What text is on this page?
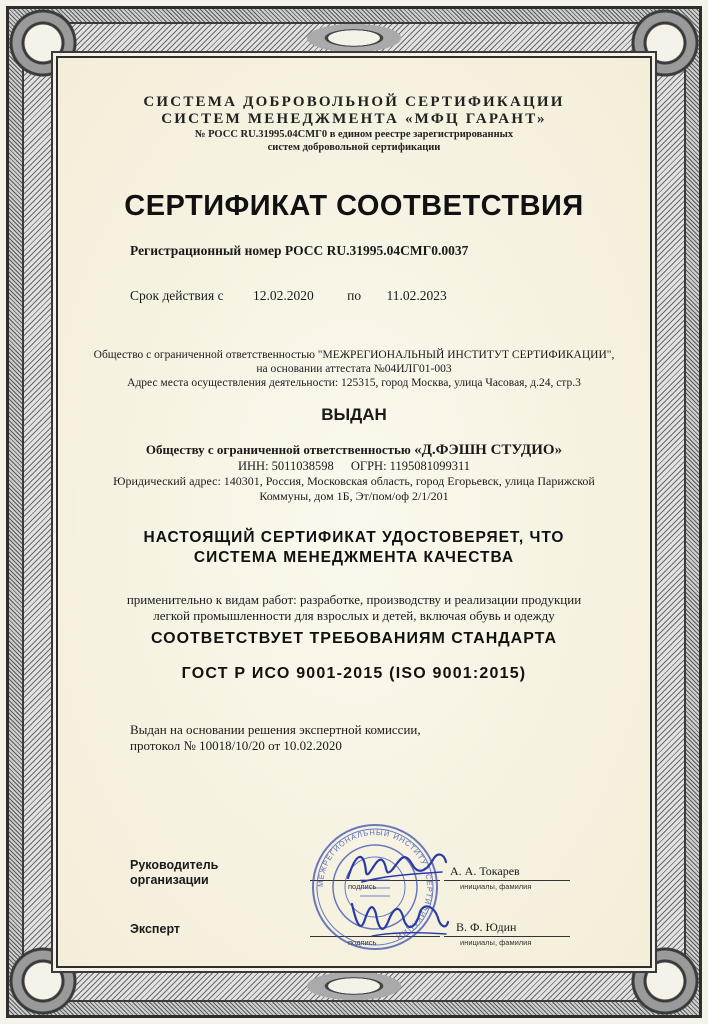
СИСТЕМА ДОБРОВОЛЬНОЙ СЕРТИФИКАЦИИ
СИСТЕМ МЕНЕДЖМЕНТА «МФЦ ГАРАНТ»
№ РОСС RU.31995.04СМГ0 в едином реестре зарегистрированных
систем добровольной сертификации
СЕРТИФИКАТ СООТВЕТСТВИЯ
Регистрационный номер РОСС RU.31995.04СМГ0.0037
Срок действия с 12.02.2020 по 11.02.2023
Общество с ограниченной ответственностью "МЕЖРЕГИОНАЛЬНЫЙ ИНСТИТУТ СЕРТИФИКАЦИИ",
на основании аттестата №04ИЛГ01-003
Адрес места осуществления деятельности: 125315, город Москва, улица Часовая, д.24, стр.3
ВЫДАН
Обществу с ограниченной ответственностью «Д.ФЭШН СТУДИО»
ИНН: 5011038598 ОГРН: 1195081099311
Юридический адрес: 140301, Россия, Московская область, город Егорьевск, улица Парижской
Коммуны, дом 1Б, Эт/пом/оф 2/1/201
НАСТОЯЩИЙ СЕРТИФИКАТ УДОСТОВЕРЯЕТ, ЧТО
СИСТЕМА МЕНЕДЖМЕНТА КАЧЕСТВА
применительно к видам работ: разработке, производству и реализации продукции
легкой промышленности для взрослых и детей, включая обувь и одежду
СООТВЕТСТВУЕТ ТРЕБОВАНИЯМ СТАНДАРТА
ГОСТ Р ИСО 9001-2015 (ISO 9001:2015)
Выдан на основании решения экспертной комиссии,
протокол № 10018/10/20 от 10.02.2020
Руководитель
организации	подпись
А. А. Токарев
инициалы, фамилия
Эксперт
подпись
В. Ф. Юдин
инициалы, фамилия
МЕЖРЕГИОНАЛЬНЫЙ ИНСТИТУТ СЕРТИФИКАЦИИ
